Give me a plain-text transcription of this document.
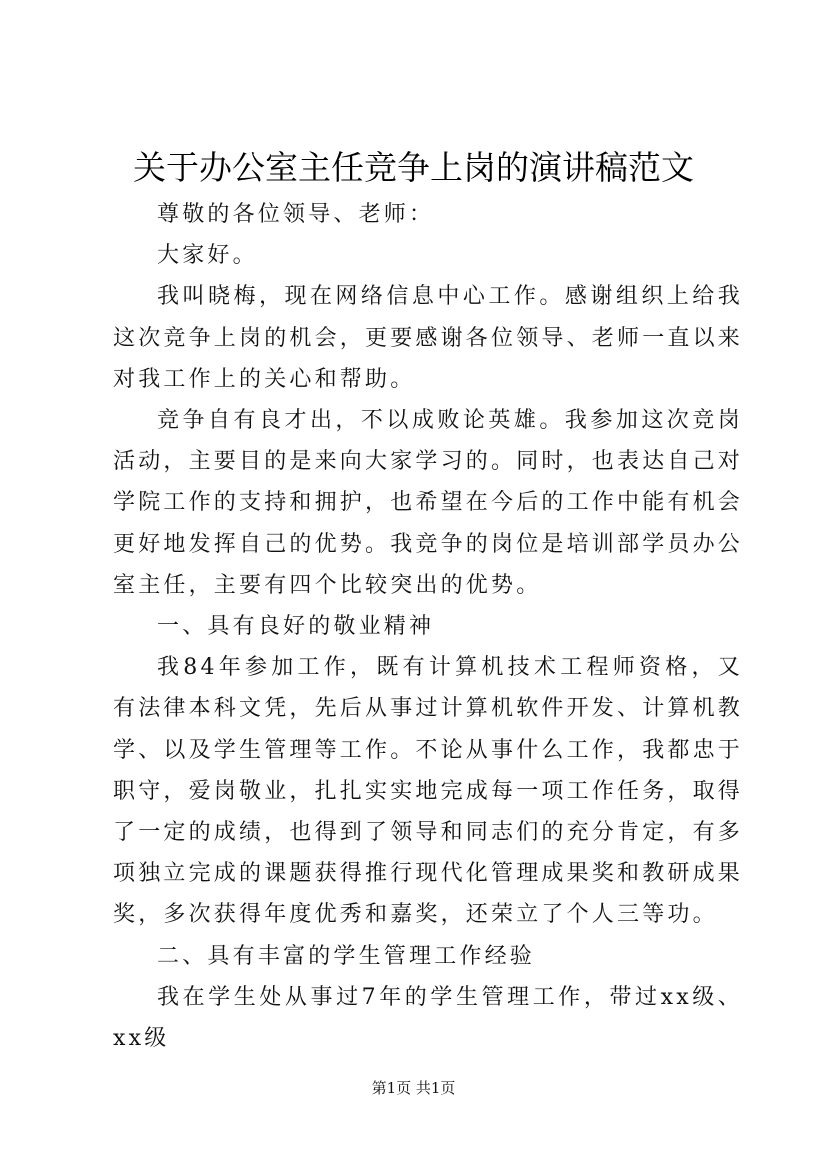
关于办公室主任竞争上岗的演讲稿范文

尊敬的各位领导、老师：

大家好。

我叫晓梅，现在网络信息中心工作。感谢组织上给我这次竞争上岗的机会，更要感谢各位领导、老师一直以来对我工作上的关心和帮助。

竞争自有良才出，不以成败论英雄。我参加这次竞岗活动，主要目的是来向大家学习的。同时，也表达自己对学院工作的支持和拥护，也希望在今后的工作中能有机会更好地发挥自己的优势。我竞争的岗位是培训部学员办公室主任，主要有四个比较突出的优势。

一、具有良好的敬业精神

我84年参加工作，既有计算机技术工程师资格，又有法律本科文凭，先后从事过计算机软件开发、计算机教学、以及学生管理等工作。不论从事什么工作，我都忠于职守，爱岗敬业，扎扎实实地完成每一项工作任务，取得了一定的成绩，也得到了领导和同志们的充分肯定，有多项独立完成的课题获得推行现代化管理成果奖和教研成果奖，多次获得年度优秀和嘉奖，还荣立了个人三等功。

二、具有丰富的学生管理工作经验

我在学生处从事过7年的学生管理工作，带过xx级、xx级

第1页 共1页
